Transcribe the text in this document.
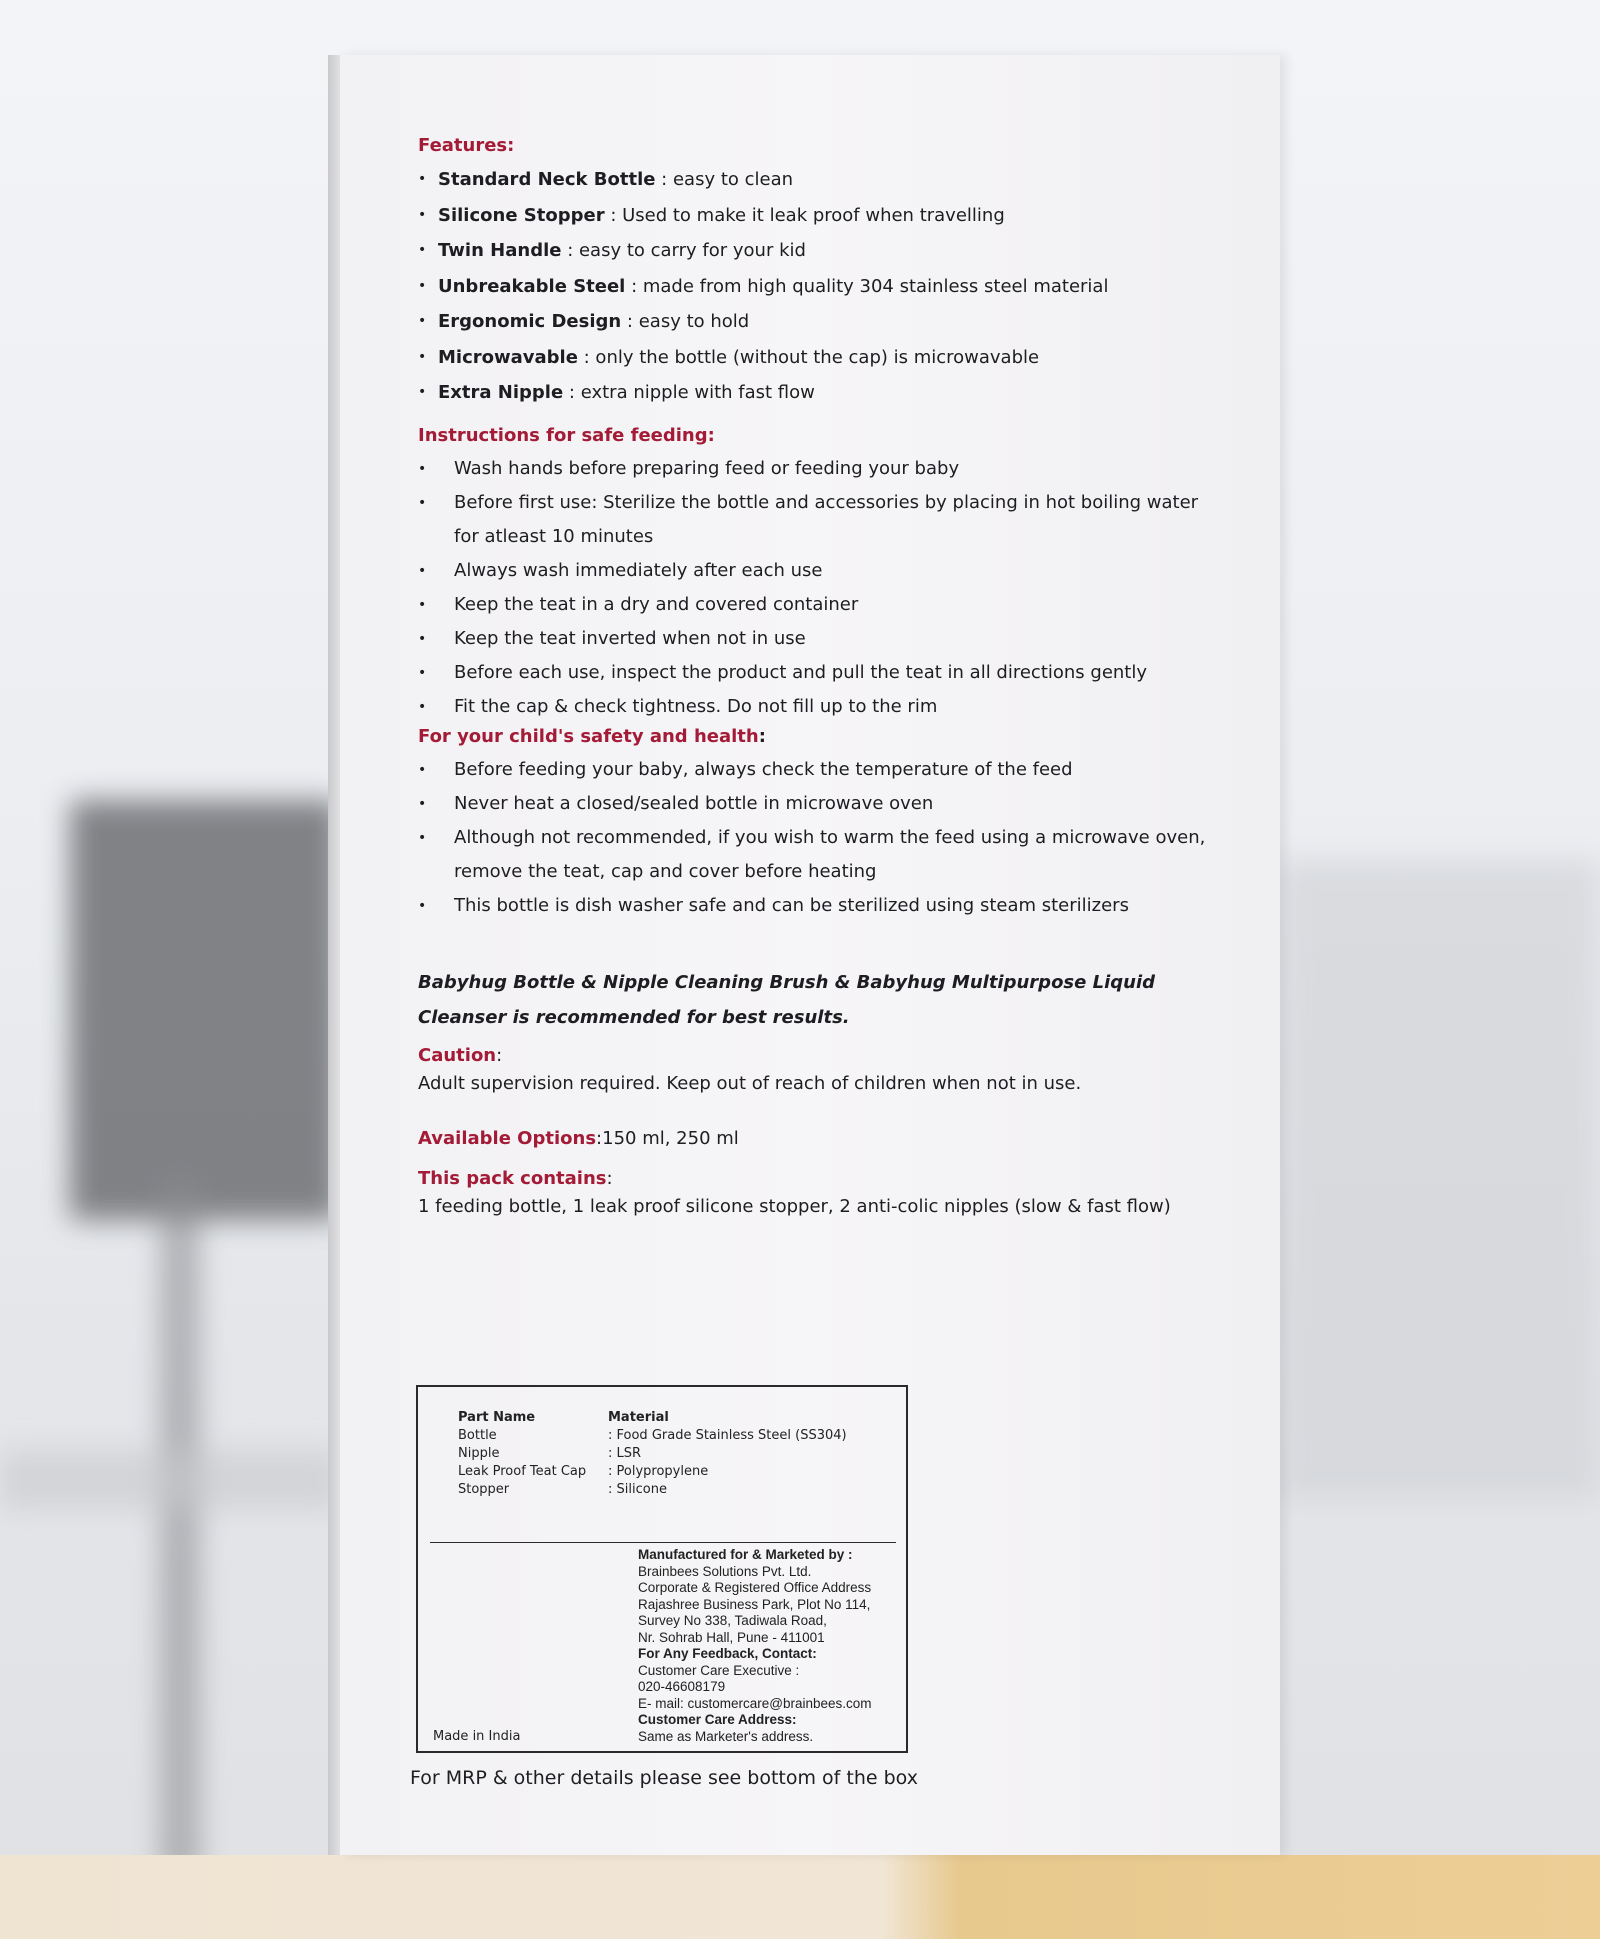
Features:

• Standard Neck Bottle : easy to clean
• Silicone Stopper : Used to make it leak proof when travelling
• Twin Handle : easy to carry for your kid
• Unbreakable Steel : made from high quality 304 stainless steel material
• Ergonomic Design : easy to hold
• Microwavable : only the bottle (without the cap) is microwavable
• Extra Nipple : extra nipple with fast flow

Instructions for safe feeding:

• Wash hands before preparing feed or feeding your baby
• Before first use: Sterilize the bottle and accessories by placing in hot boiling water for atleast 10 minutes
• Always wash immediately after each use
• Keep the teat in a dry and covered container
• Keep the teat inverted when not in use
• Before each use, inspect the product and pull the teat in all directions gently
• Fit the cap & check tightness. Do not fill up to the rim

For your child's safety and health:

• Before feeding your baby, always check the temperature of the feed
• Never heat a closed/sealed bottle in microwave oven
• Although not recommended, if you wish to warm the feed using a microwave oven, remove the teat, cap and cover before heating
• This bottle is dish washer safe and can be sterilized using steam sterilizers
Babyhug Bottle & Nipple Cleaning Brush & Babyhug Multipurpose Liquid Cleanser is recommended for best results.

Caution:

Adult supervision required. Keep out of reach of children when not in use.

Available Options:150 ml, 250 ml

This pack contains:

1 feeding bottle, 1 leak proof silicone stopper, 2 anti-colic nipples (slow & fast flow)
Part Name	Material
Bottle	: Food Grade Stainless Steel (SS304)
Nipple	: LSR
Leak Proof Teat Cap	: Polypropylene
Stopper	: Silicone
Manufactured for & Marketed by :
Brainbees Solutions Pvt. Ltd.
Corporate & Registered Office Address
Rajashree Business Park, Plot No 114,
Survey No 338, Tadiwala Road,
Nr. Sohrab Hall, Pune - 411001
For Any Feedback, Contact:
Customer Care Executive :
020-46608179
E- mail: customercare@brainbees.com
Customer Care Address:
Same as Marketer's address.
Made in India
For MRP & other details please see bottom of the box
